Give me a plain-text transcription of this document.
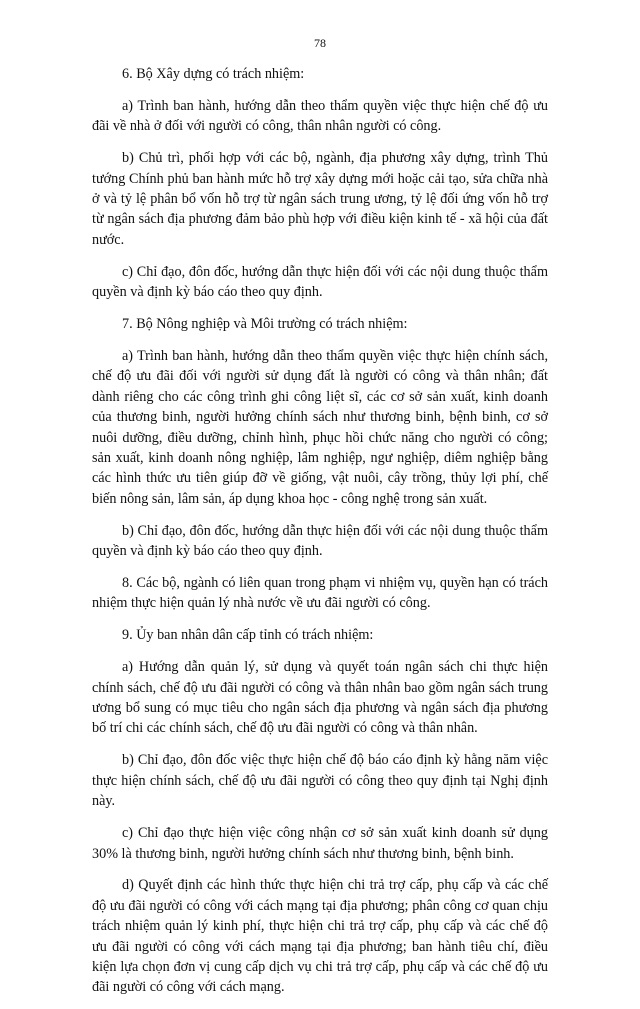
78

6. Bộ Xây dựng có trách nhiệm:

a) Trình ban hành, hướng dẫn theo thẩm quyền việc thực hiện chế độ ưu đãi về nhà ở đối với người có công, thân nhân người có công.

b) Chủ trì, phối hợp với các bộ, ngành, địa phương xây dựng, trình Thủ tướng Chính phủ ban hành mức hỗ trợ xây dựng mới hoặc cải tạo, sửa chữa nhà ở và tỷ lệ phân bổ vốn hỗ trợ từ ngân sách trung ương, tỷ lệ đối ứng vốn hỗ trợ từ ngân sách địa phương đảm bảo phù hợp với điều kiện kinh tế - xã hội của đất nước.

c) Chỉ đạo, đôn đốc, hướng dẫn thực hiện đối với các nội dung thuộc thẩm quyền và định kỳ báo cáo theo quy định.

7. Bộ Nông nghiệp và Môi trường có trách nhiệm:

a) Trình ban hành, hướng dẫn theo thẩm quyền việc thực hiện chính sách, chế độ ưu đãi đối với người sử dụng đất là người có công và thân nhân; đất dành riêng cho các công trình ghi công liệt sĩ, các cơ sở sản xuất, kinh doanh của thương binh, người hưởng chính sách như thương binh, bệnh binh, cơ sở nuôi dưỡng, điều dưỡng, chỉnh hình, phục hồi chức năng cho người có công; sản xuất, kinh doanh nông nghiệp, lâm nghiệp, ngư nghiệp, diêm nghiệp bằng các hình thức ưu tiên giúp đỡ về giống, vật nuôi, cây trồng, thủy lợi phí, chế biến nông sản, lâm sản, áp dụng khoa học - công nghệ trong sản xuất.

b) Chỉ đạo, đôn đốc, hướng dẫn thực hiện đối với các nội dung thuộc thẩm quyền và định kỳ báo cáo theo quy định.

8. Các bộ, ngành có liên quan trong phạm vi nhiệm vụ, quyền hạn có trách nhiệm thực hiện quản lý nhà nước về ưu đãi người có công.

9. Ủy ban nhân dân cấp tỉnh có trách nhiệm:

a) Hướng dẫn quản lý, sử dụng và quyết toán ngân sách chi thực hiện chính sách, chế độ ưu đãi người có công và thân nhân bao gồm ngân sách trung ương bổ sung có mục tiêu cho ngân sách địa phương và ngân sách địa phương bố trí chi các chính sách, chế độ ưu đãi người có công và thân nhân.

b) Chỉ đạo, đôn đốc việc thực hiện chế độ báo cáo định kỳ hằng năm việc thực hiện chính sách, chế độ ưu đãi người có công theo quy định tại Nghị định này.

c) Chỉ đạo thực hiện việc công nhận cơ sở sản xuất kinh doanh sử dụng 30% là thương binh, người hưởng chính sách như thương binh, bệnh binh.

d) Quyết định các hình thức thực hiện chi trả trợ cấp, phụ cấp và các chế độ ưu đãi người có công với cách mạng tại địa phương; phân công cơ quan chịu trách nhiệm quản lý kinh phí, thực hiện chi trả trợ cấp, phụ cấp và các chế độ ưu đãi người có công với cách mạng tại địa phương; ban hành tiêu chí, điều kiện lựa chọn đơn vị cung cấp dịch vụ chi trả trợ cấp, phụ cấp và các chế độ ưu đãi người có công với cách mạng.
